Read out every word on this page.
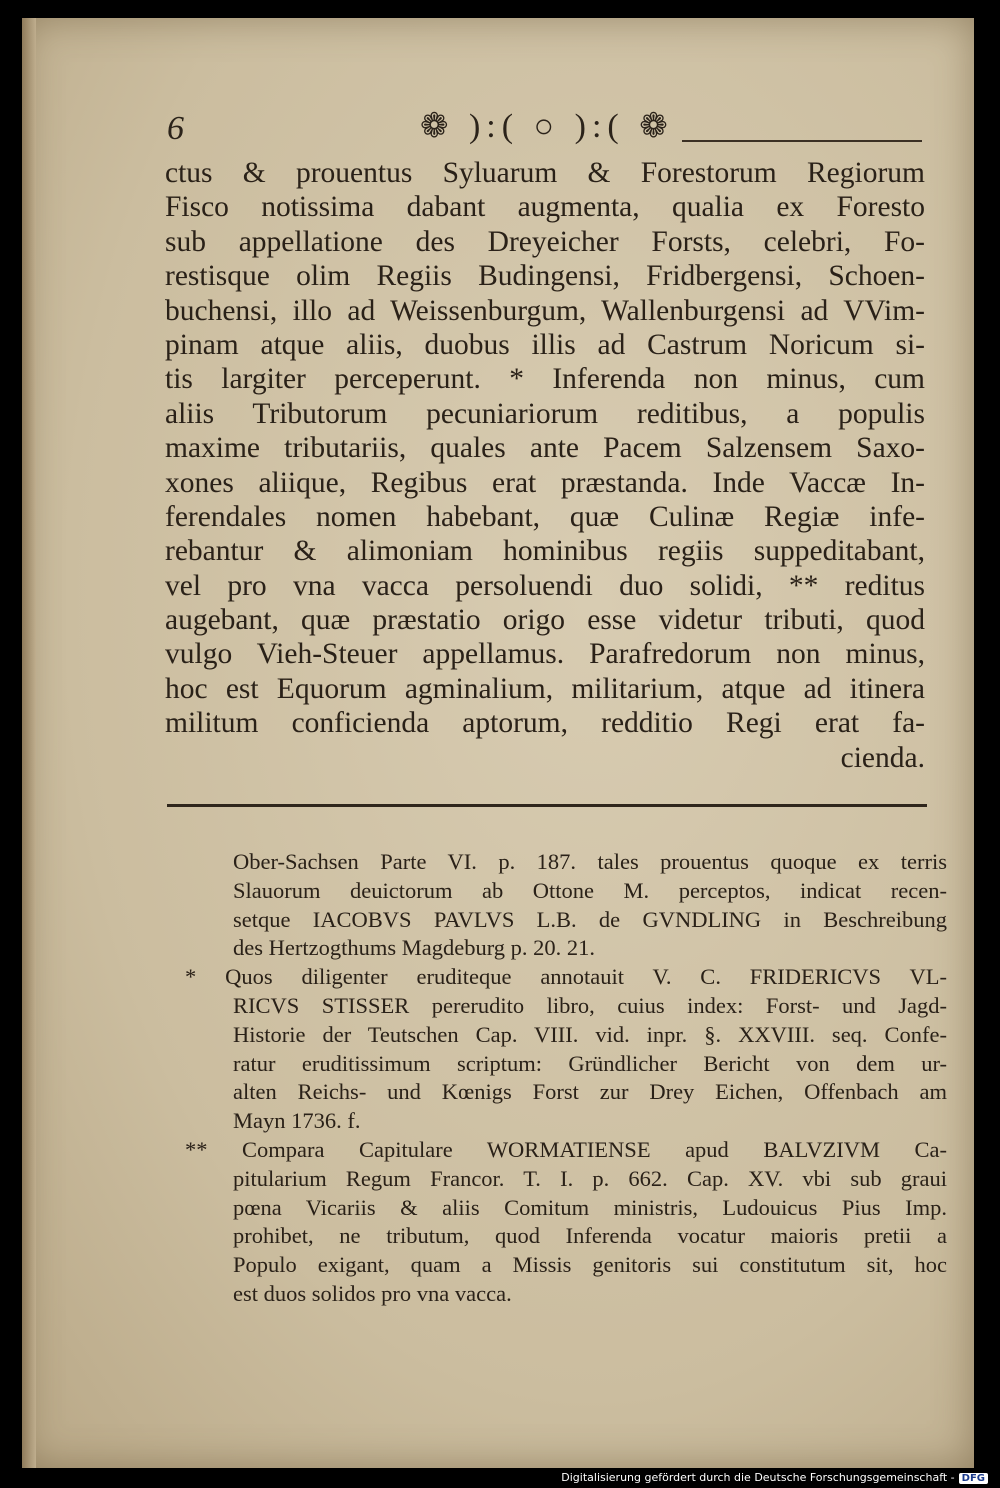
6	❁ ):( ○ ):( ❁
ctus & prouentus Syluarum & Forestorum Regiorum
Fisco notissima dabant augmenta, qualia ex Foresto
sub appellatione des Dreyeicher Forsts, celebri, Fo-
restisque olim Regiis Budingensi, Fridbergensi, Schoen-
buchensi, illo ad Weissenburgum, Wallenburgensi ad VVim-
pinam atque aliis, duobus illis ad Castrum Noricum si-
tis largiter perceperunt. * Inferenda non minus, cum
aliis Tributorum pecuniariorum reditibus, a populis
maxime tributariis, quales ante Pacem Salzensem Saxo-
xones aliique, Regibus erat præstanda. Inde Vaccæ In-
ferendales nomen habebant, quæ Culinæ Regiæ infe-
rebantur & alimoniam hominibus regiis suppeditabant,
vel pro vna vacca persoluendi duo solidi, ** reditus
augebant, quæ præstatio origo esse videtur tributi, quod
vulgo Vieh-Steuer appellamus. Parafredorum non minus,
hoc est Equorum agminalium, militarium, atque ad itinera
militum conficienda aptorum, redditio Regi erat fa-
cienda.
Ober-Sachsen Parte VI. p. 187. tales prouentus quoque ex terris
Slauorum deuictorum ab Ottone M. perceptos, indicat recen-
setque IACOBVS PAVLVS L.B. de GVNDLING in Beschreibung
des Hertzogthums Magdeburg p. 20. 21.
* Quos diligenter eruditeque annotauit V. C. FRIDERICVS VL-
RICVS STISSER pererudito libro, cuius index: Forst- und Jagd-
Historie der Teutschen Cap. VIII. vid. inpr. §. XXVIII. seq. Confe-
ratur eruditissimum scriptum: Gründlicher Bericht von dem ur-
alten Reichs- und Kœnigs Forst zur Drey Eichen, Offenbach am
Mayn 1736. f.
** Compara Capitulare WORMATIENSE apud BALVZIVM Ca-
pitularium Regum Francor. T. I. p. 662. Cap. XV. vbi sub graui
pœna Vicariis & aliis Comitum ministris, Ludouicus Pius Imp.
prohibet, ne tributum, quod Inferenda vocatur maioris pretii a
Populo exigant, quam a Missis genitoris sui constitutum sit, hoc
est duos solidos pro vna vacca.
Digitalisierung gefördert durch die Deutsche Forschungsgemeinschaft - DFG
